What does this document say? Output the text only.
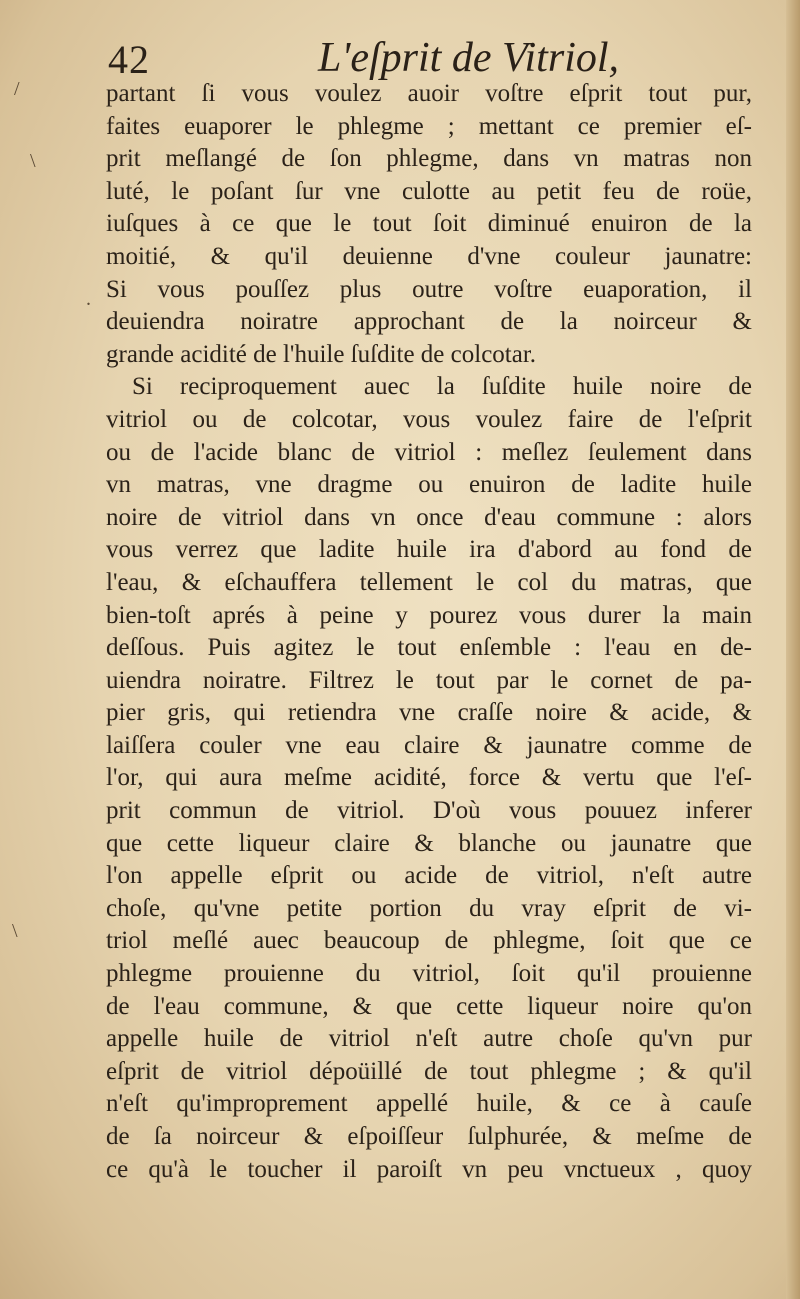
42	L'eſprit de Vitriol,
partant ſi vous voulez auoir voſtre eſprit tout pur,
faites euaporer le phlegme ; mettant ce premier eſ-
prit meſlangé de ſon phlegme, dans vn matras non
luté, le poſant ſur vne culotte au petit feu de roüe,
iuſques à ce que le tout ſoit diminué enuiron de la
moitié, & qu'il deuienne d'vne couleur jaunatre:
Si vous pouſſez plus outre voſtre euaporation, il
deuiendra noiratre approchant de la noirceur &
grande acidité de l'huile ſuſdite de colcotar.
Si reciproquement auec la ſuſdite huile noire de
vitriol ou de colcotar, vous voulez faire de l'eſprit
ou de l'acide blanc de vitriol : meſlez ſeulement dans
vn matras, vne dragme ou enuiron de ladite huile
noire de vitriol dans vn once d'eau commune : alors
vous verrez que ladite huile ira d'abord au fond de
l'eau, & eſchauffera tellement le col du matras, que
bien-toſt aprés à peine y pourez vous durer la main
deſſous. Puis agitez le tout enſemble : l'eau en de-
uiendra noiratre. Filtrez le tout par le cornet de pa-
pier gris, qui retiendra vne craſſe noire & acide, &
laiſſera couler vne eau claire & jaunatre comme de
l'or, qui aura meſme acidité, force & vertu que l'eſ-
prit commun de vitriol. D'où vous pouuez inferer
que cette liqueur claire & blanche ou jaunatre que
l'on appelle eſprit ou acide de vitriol, n'eſt autre
choſe, qu'vne petite portion du vray eſprit de vi-
triol meſlé auec beaucoup de phlegme, ſoit que ce
phlegme prouienne du vitriol, ſoit qu'il prouienne
de l'eau commune, & que cette liqueur noire qu'on
appelle huile de vitriol n'eſt autre choſe qu'vn pur
eſprit de vitriol dépoüillé de tout phlegme ; & qu'il
n'eſt qu'improprement appellé huile, & ce à cauſe
de ſa noirceur & eſpoiſſeur ſulphurée, & meſme de
ce qu'à le toucher il paroiſt vn peu vnctueux , quoy
/
\
.
\
